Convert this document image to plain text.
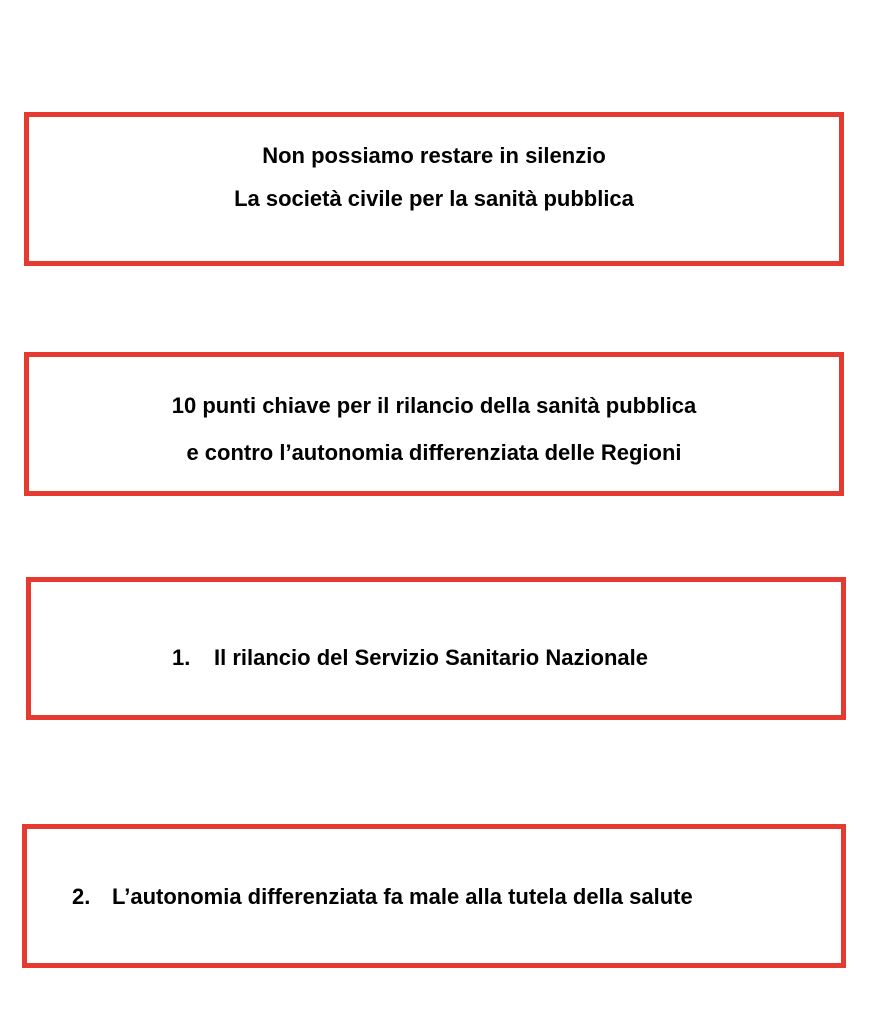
Non possiamo restare in silenzio
La società civile per la sanità pubblica
10 punti chiave per il rilancio della sanità pubblica
e contro l’autonomia differenziata delle Regioni
1. Il rilancio del Servizio Sanitario Nazionale
2. L’autonomia differenziata fa male alla tutela della salute
